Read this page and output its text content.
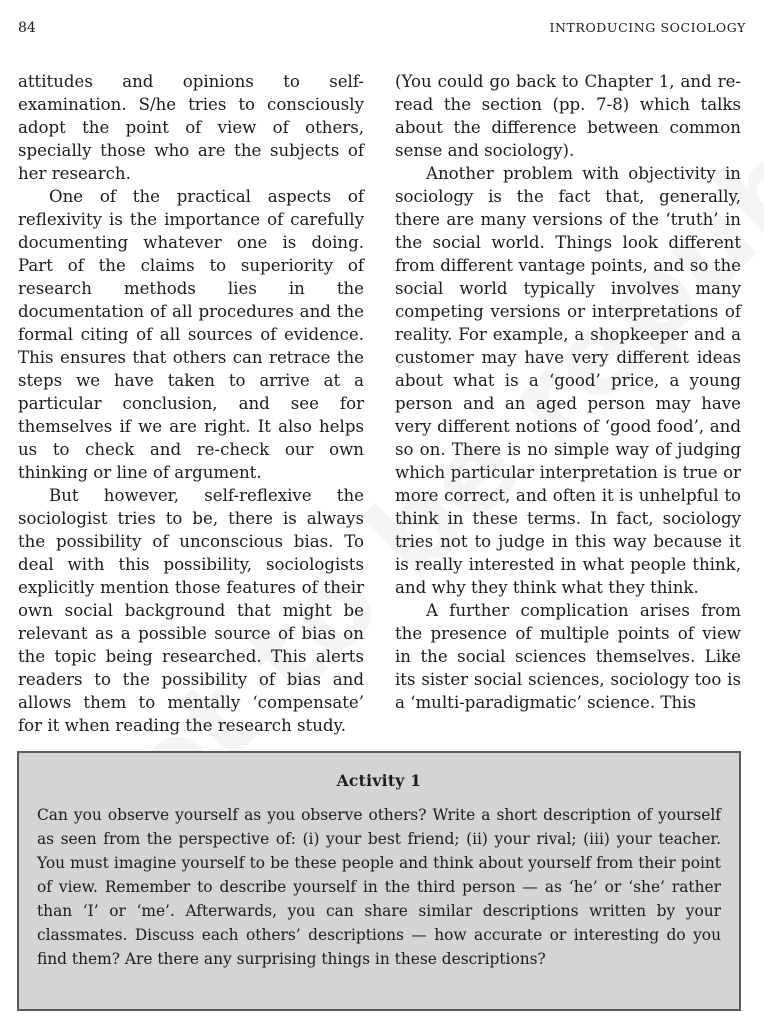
84	INTRODUCING SOCIOLOGY

attitudes and opinions to self-examination. S/he tries to consciously adopt the point of view of others, specially those who are the subjects of her research.

One of the practical aspects of reflexivity is the importance of carefully documenting whatever one is doing. Part of the claims to superiority of research methods lies in the documentation of all procedures and the formal citing of all sources of evidence. This ensures that others can retrace the steps we have taken to arrive at a particular conclusion, and see for themselves if we are right. It also helps us to check and re-check our own thinking or line of argument.

But however, self-reflexive the sociologist tries to be, there is always the possibility of unconscious bias. To deal with this possibility, sociologists explicitly mention those features of their own social background that might be relevant as a possible source of bias on the topic being researched. This alerts readers to the possibility of bias and allows them to mentally ‘compensate’ for it when reading the research study.

(You could go back to Chapter 1, and re-read the section (pp. 7-8) which talks about the difference between common sense and sociology).

Another problem with objectivity in sociology is the fact that, generally, there are many versions of the ‘truth’ in the social world. Things look different from different vantage points, and so the social world typically involves many competing versions or interpretations of reality. For example, a shopkeeper and a customer may have very different ideas about what is a ‘good’ price, a young person and an aged person may have very different notions of ‘good food’, and so on. There is no simple way of judging which particular interpretation is true or more correct, and often it is unhelpful to think in these terms. In fact, sociology tries not to judge in this way because it is really interested in what people think, and why they think what they think.

A further complication arises from the presence of multiple points of view in the social sciences themselves. Like its sister social sciences, sociology too is a ‘multi-paradigmatic’ science. This

Activity 1

Can you observe yourself as you observe others? Write a short description of yourself as seen from the perspective of: (i) your best friend; (ii) your rival; (iii) your teacher. You must imagine yourself to be these people and think about yourself from their point of view. Remember to describe yourself in the third person — as ‘he’ or ‘she’ rather than ‘I’ or ‘me’. Afterwards, you can share similar descriptions written by your classmates. Discuss each others’ descriptions — how accurate or interesting do you find them? Are there any surprising things in these descriptions?
